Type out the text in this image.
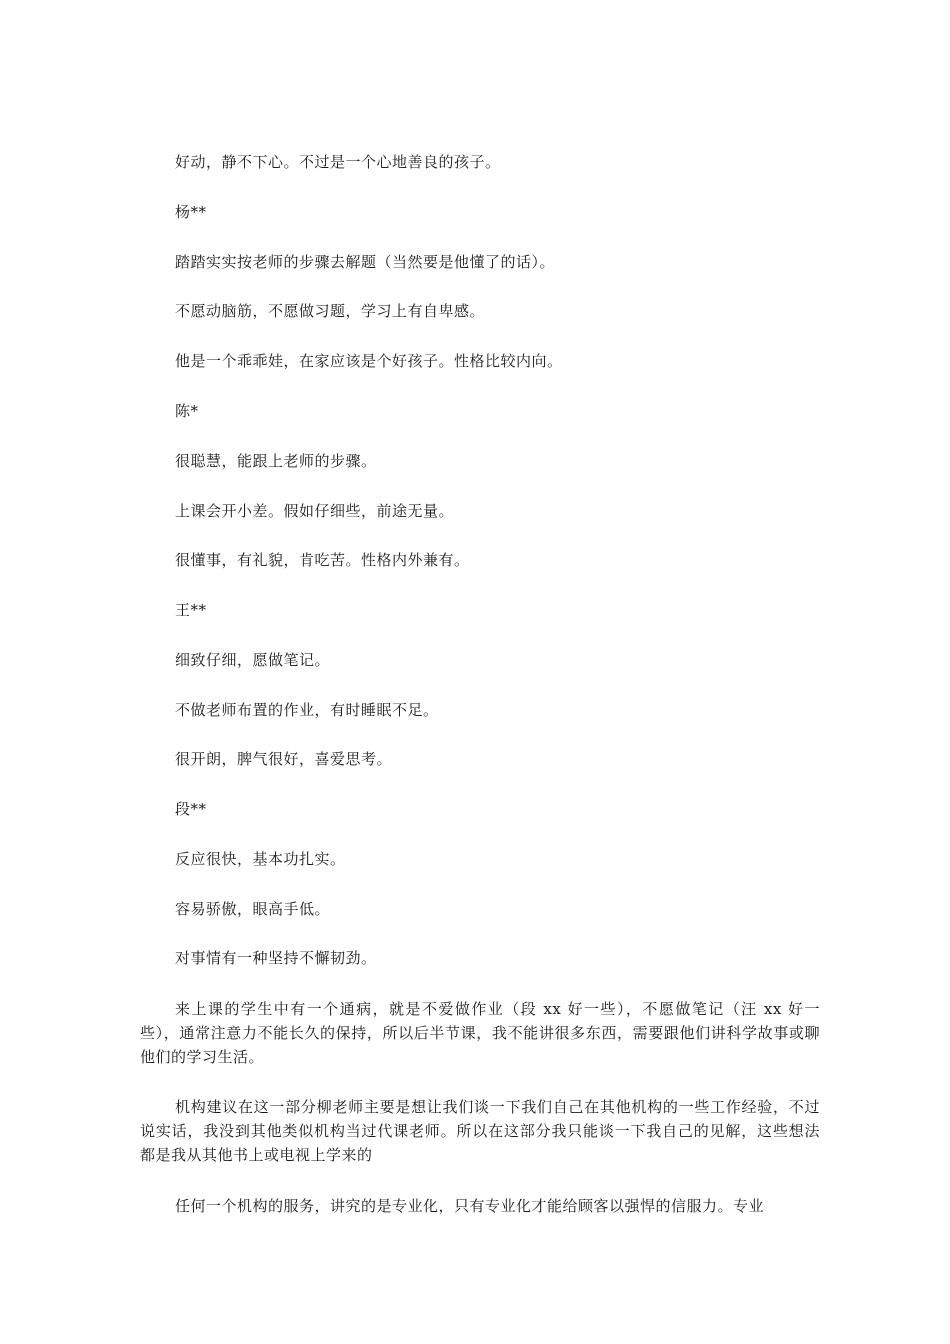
好动，静不下心。不过是一个心地善良的孩子。
杨**
踏踏实实按老师的步骤去解题（当然要是他懂了的话）。
不愿动脑筋，不愿做习题，学习上有自卑感。
他是一个乖乖娃，在家应该是个好孩子。性格比较内向。
陈*
很聪慧，能跟上老师的步骤。
上课会开小差。假如仔细些，前途无量。
很懂事，有礼貌，肯吃苦。性格内外兼有。
王**
细致仔细，愿做笔记。
不做老师布置的作业，有时睡眠不足。
很开朗，脾气很好，喜爱思考。
段**
反应很快，基本功扎实。
容易骄傲，眼高手低。
对事情有一种坚持不懈韧劲。
来上课的学生中有一个通病，就是不爱做作业（段 xx 好一些），不愿做笔记（汪 xx 好一些），通常注意力不能长久的保持，所以后半节课，我不能讲很多东西，需要跟他们讲科学故事或聊他们的学习生活。
机构建议在这一部分柳老师主要是想让我们谈一下我们自己在其他机构的一些工作经验，不过说实话，我没到其他类似机构当过代课老师。所以在这部分我只能谈一下我自己的见解，这些想法都是我从其他书上或电视上学来的
任何一个机构的服务，讲究的是专业化，只有专业化才能给顾客以强悍的信服力。专业
